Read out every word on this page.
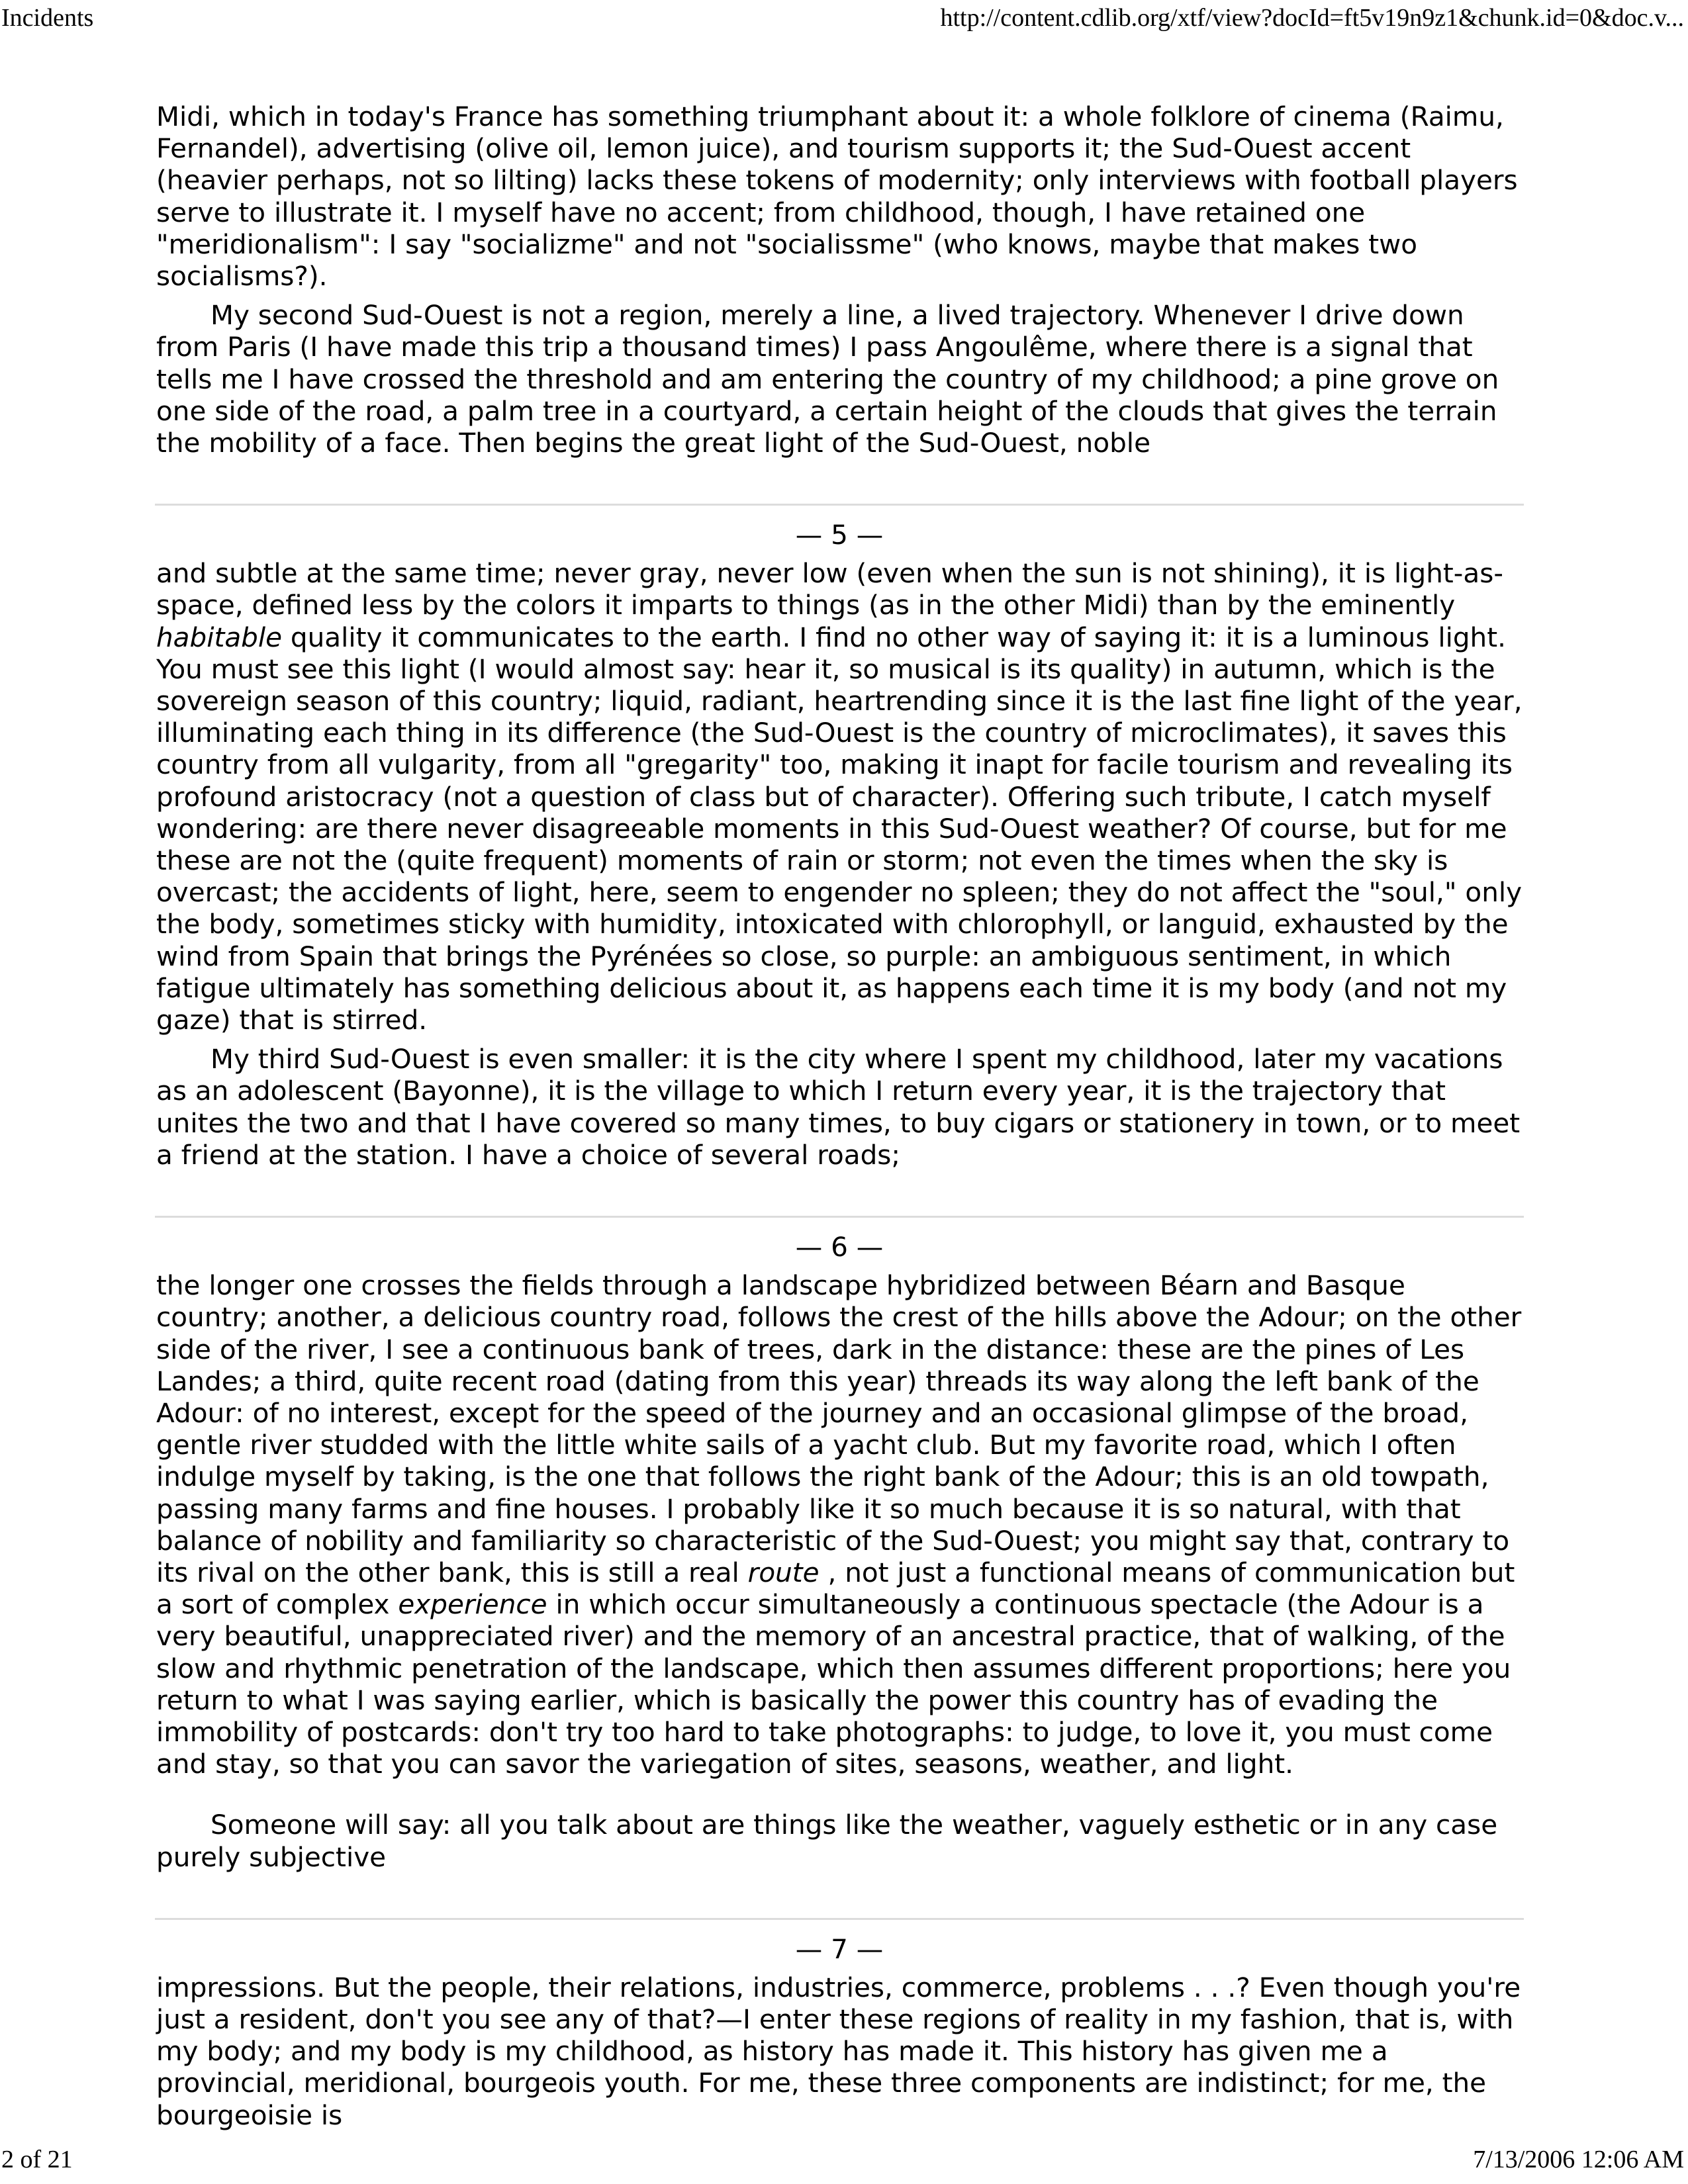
Incidents	http://content.cdlib.org/xtf/view?docId=ft5v19n9z1&chunk.id=0&doc.v...

Midi, which in today's France has something triumphant about it: a whole folklore of cinema (Raimu, Fernandel), advertising (olive oil, lemon juice), and tourism supports it; the Sud-Ouest accent (heavier perhaps, not so lilting) lacks these tokens of modernity; only interviews with football players serve to illustrate it. I myself have no accent; from childhood, though, I have retained one "meridionalism": I say "socializme" and not "socialissme" (who knows, maybe that makes two socialisms?).

My second Sud-Ouest is not a region, merely a line, a lived trajectory. Whenever I drive down from Paris (I have made this trip a thousand times) I pass Angoulême, where there is a signal that tells me I have crossed the threshold and am entering the country of my childhood; a pine grove on one side of the road, a palm tree in a courtyard, a certain height of the clouds that gives the terrain the mobility of a face. Then begins the great light of the Sud-Ouest, noble

— 5 —

and subtle at the same time; never gray, never low (even when the sun is not shining), it is light-as-space, defined less by the colors it imparts to things (as in the other Midi) than by the eminently habitable quality it communicates to the earth. I find no other way of saying it: it is a luminous light. You must see this light (I would almost say: hear it, so musical is its quality) in autumn, which is the sovereign season of this country; liquid, radiant, heartrending since it is the last fine light of the year, illuminating each thing in its difference (the Sud-Ouest is the country of microclimates), it saves this country from all vulgarity, from all "gregarity" too, making it inapt for facile tourism and revealing its profound aristocracy (not a question of class but of character). Offering such tribute, I catch myself wondering: are there never disagreeable moments in this Sud-Ouest weather? Of course, but for me these are not the (quite frequent) moments of rain or storm; not even the times when the sky is overcast; the accidents of light, here, seem to engender no spleen; they do not affect the "soul," only the body, sometimes sticky with humidity, intoxicated with chlorophyll, or languid, exhausted by the wind from Spain that brings the Pyrénées so close, so purple: an ambiguous sentiment, in which fatigue ultimately has something delicious about it, as happens each time it is my body (and not my gaze) that is stirred.

My third Sud-Ouest is even smaller: it is the city where I spent my childhood, later my vacations as an adolescent (Bayonne), it is the village to which I return every year, it is the trajectory that unites the two and that I have covered so many times, to buy cigars or stationery in town, or to meet a friend at the station. I have a choice of several roads;

— 6 —

the longer one crosses the fields through a landscape hybridized between Béarn and Basque country; another, a delicious country road, follows the crest of the hills above the Adour; on the other side of the river, I see a continuous bank of trees, dark in the distance: these are the pines of Les Landes; a third, quite recent road (dating from this year) threads its way along the left bank of the Adour: of no interest, except for the speed of the journey and an occasional glimpse of the broad, gentle river studded with the little white sails of a yacht club. But my favorite road, which I often indulge myself by taking, is the one that follows the right bank of the Adour; this is an old towpath, passing many farms and fine houses. I probably like it so much because it is so natural, with that balance of nobility and familiarity so characteristic of the Sud-Ouest; you might say that, contrary to its rival on the other bank, this is still a real route , not just a functional means of communication but a sort of complex experience in which occur simultaneously a continuous spectacle (the Adour is a very beautiful, unappreciated river) and the memory of an ancestral practice, that of walking, of the slow and rhythmic penetration of the landscape, which then assumes different proportions; here you return to what I was saying earlier, which is basically the power this country has of evading the immobility of postcards: don't try too hard to take photographs: to judge, to love it, you must come and stay, so that you can savor the variegation of sites, seasons, weather, and light.

Someone will say: all you talk about are things like the weather, vaguely esthetic or in any case purely subjective

— 7 —

impressions. But the people, their relations, industries, commerce, problems . . .? Even though you're just a resident, don't you see any of that?—I enter these regions of reality in my fashion, that is, with my body; and my body is my childhood, as history has made it. This history has given me a provincial, meridional, bourgeois youth. For me, these three components are indistinct; for me, the bourgeoisie is

2 of 21	7/13/2006 12:06 AM
